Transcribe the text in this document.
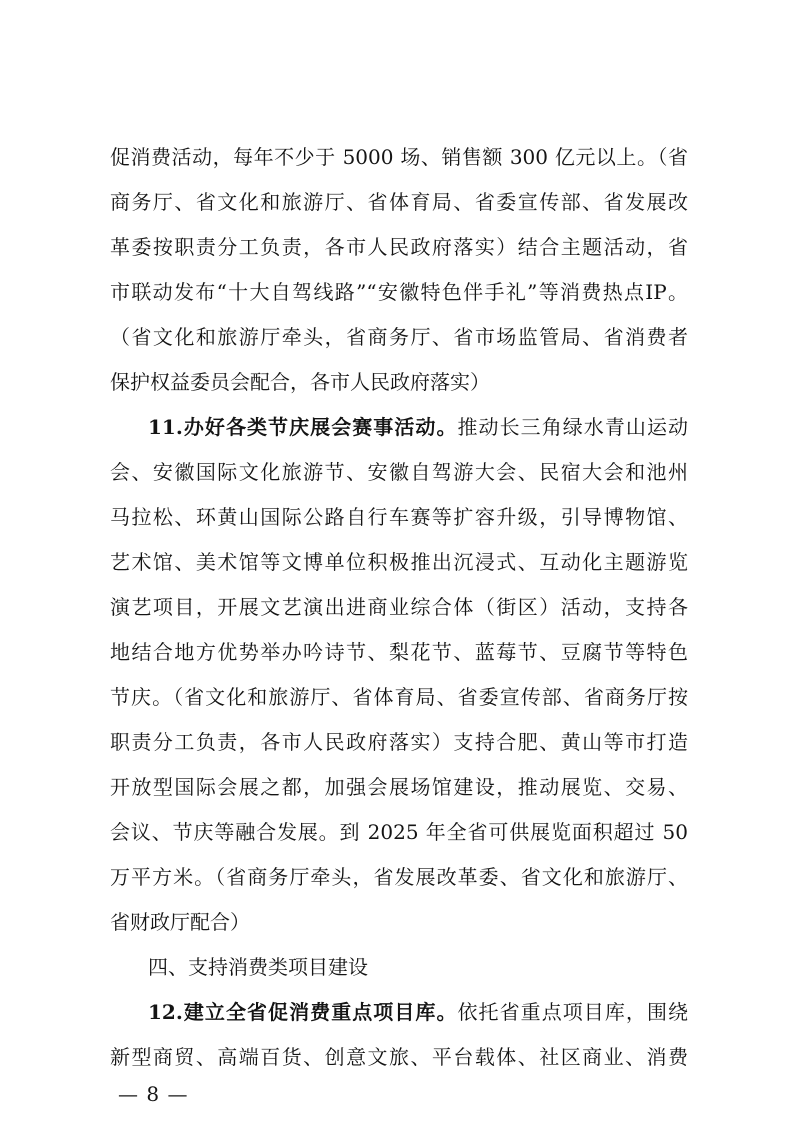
促消费活动，每年不少于 5000 场、销售额 300 亿元以上。（省
商务厅、省文化和旅游厅、省体育局、省委宣传部、省发展改
革委按职责分工负责，各市人民政府落实）结合主题活动，省
市联动发布“十大自驾线路”“安徽特色伴手礼”等消费热点IP。
（省文化和旅游厅牵头，省商务厅、省市场监管局、省消费者
保护权益委员会配合，各市人民政府落实）
11.办好各类节庆展会赛事活动。推动长三角绿水青山运动
会、安徽国际文化旅游节、安徽自驾游大会、民宿大会和池州
马拉松、环黄山国际公路自行车赛等扩容升级，引导博物馆、
艺术馆、美术馆等文博单位积极推出沉浸式、互动化主题游览
演艺项目，开展文艺演出进商业综合体（街区）活动，支持各
地结合地方优势举办吟诗节、梨花节、蓝莓节、豆腐节等特色
节庆。（省文化和旅游厅、省体育局、省委宣传部、省商务厅按
职责分工负责，各市人民政府落实）支持合肥、黄山等市打造
开放型国际会展之都，加强会展场馆建设，推动展览、交易、
会议、节庆等融合发展。到 2025 年全省可供展览面积超过 50
万平方米。（省商务厅牵头，省发展改革委、省文化和旅游厅、
省财政厅配合）
四、支持消费类项目建设
12.建立全省促消费重点项目库。依托省重点项目库，围绕
新型商贸、高端百货、创意文旅、平台载体、社区商业、消费
— 8 —
